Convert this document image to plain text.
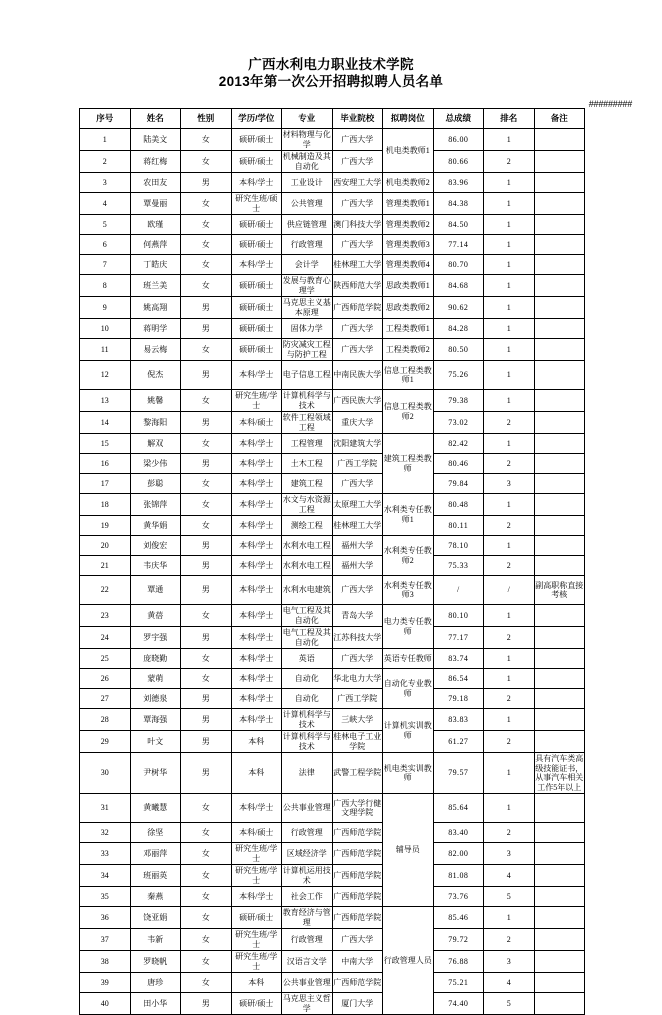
广西水利电力职业技术学院
2013年第一次公开招聘拟聘人员名单
#########
序号	姓名	性别	学历/学位	专业	毕业院校	拟聘岗位	总成绩	排名	备注
1	陆美文	女	硕研/硕士	材料物理与化学	广西大学	机电类教师1	86.00	1	
2	蒋红梅	女	硕研/硕士	机械制造及其自动化	广西大学		80.66	2	
3	农田友	男	本科/学士	工业设计	西安理工大学	机电类教师2	83.96	1	
4	覃曼丽	女	研究生班/硕士	公共管理	广西大学	管理类教师1	84.38	1	
5	欧瑾	女	硕研/硕士	供应链管理	澳门科技大学	管理类教师2	84.50	1	
6	何燕萍	女	硕研/硕士	行政管理	广西大学	管理类教师3	77.14	1	
7	丁皓庆	女	本科/学士	会计学	桂林理工大学	管理类教师4	80.70	1	
8	班兰美	女	硕研/硕士	发展与教育心理学	陕西师范大学	思政类教师1	84.68	1	
9	姚高翔	男	硕研/硕士	马克思主义基本原理	广西师范学院	思政类教师2	90.62	1	
10	蒋明学	男	硕研/硕士	固体力学	广西大学	工程类教师1	84.28	1	
11	易云梅	女	硕研/硕士	防灾减灾工程与防护工程	广西大学	工程类教师2	80.50	1	
12	倪杰	男	本科/学士	电子信息工程	中南民族大学	信息工程类教师1	75.26	1	
13	姚馨	女	研究生班/学士	计算机科学与技术	广西民族大学	信息工程类教师2	79.38	1	
14	黎海阳	男	本科/硕士	软件工程领域工程	重庆大学		73.02	2	
15	解双	女	本科/学士	工程管理	沈阳建筑大学	建筑工程类教师	82.42	1	
16	梁少伟	男	本科/学士	土木工程	广西工学院		80.46	2	
17	彭聪	女	本科/学士	建筑工程	广西大学		79.84	3	
18	张锦萍	女	本科/学士	水文与水资源工程	太原理工大学	水利类专任教师1	80.48	1	
19	黄华娟	女	本科/学士	测绘工程	桂林理工大学		80.11	2	
20	刘俊宏	男	本科/学士	水利水电工程	福州大学	水利类专任教师2	78.10	1	
21	韦庆华	男	本科/学士	水利水电工程	福州大学		75.33	2	
22	覃通	男	本科/学士	水利水电建筑	广西大学	水利类专任教师3	/	/	副高职称直接考核
23	黄蓓	女	本科/学士	电气工程及其自动化	青岛大学	电力类专任教师	80.10	1	
24	罗宇强	男	本科/学士	电气工程及其自动化	江苏科技大学		77.17	2	
25	庞晓勤	女	本科/学士	英语	广西大学	英语专任教师	83.74	1	
26	蒙萌	女	本科/学士	自动化	华北电力大学	自动化专业教师	86.54	1	
27	刘德泉	男	本科/学士	自动化	广西工学院		79.18	2	
28	覃海强	男	本科/学士	计算机科学与技术	三峡大学	计算机实训教师	83.83	1	
29	叶文	男	本科	计算机科学与技术	桂林电子工业学院		61.27	2	
30	尹树华	男	本科	法律	武警工程学院	机电类实训教师	79.57	1	具有汽车类高级技能证书，从事汽车相关工作5年以上
31	黄曦慧	女	本科/学士	公共事业管理	广西大学行健文理学院	辅导员	85.64	1	
32	徐坚	女	本科/硕士	行政管理	广西师范学院		83.40	2	
33	邓丽萍	女	研究生班/学士	区域经济学	广西师范学院		82.00	3	
34	班丽英	女	研究生班/学士	计算机运用技术	广西师范学院		81.08	4	
35	秦燕	女	本科/学士	社会工作	广西师范学院		73.76	5	
36	饶亚娟	女	硕研/硕士	教育经济与管理	广西师范学院	行政管理人员	85.46	1	
37	韦新	女	研究生班/学士	行政管理	广西大学		79.72	2	
38	罗晓帆	女	研究生班/学士	汉语言文学	中南大学		76.88	3	
39	唐珍	女	本科	公共事业管理	广西师范学院		75.21	4	
40	田小华	男	硕研/硕士	马克思主义哲学	厦门大学		74.40	5	
